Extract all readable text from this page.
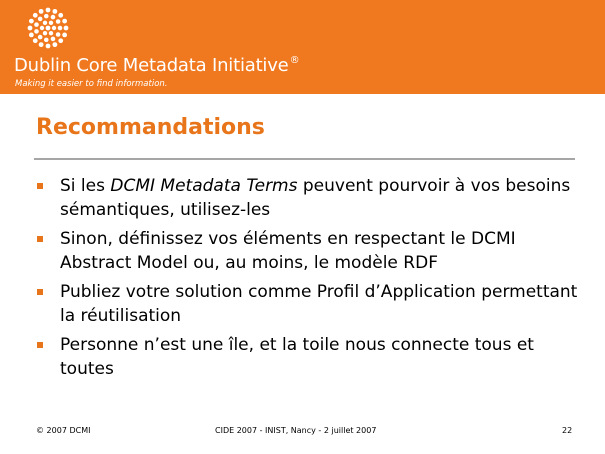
Dublin Core Metadata Initiative®
Making it easier to find information.
Recommandations
Si les DCMI Metadata Terms peuvent pourvoir à vos besoins sémantiques, utilisez-les
Sinon, définissez vos éléments en respectant le DCMI Abstract Model ou, au moins, le modèle RDF
Publiez votre solution comme Profil d’Application permettant la réutilisation
Personne n’est une île, et la toile nous connecte tous et toutes
© 2007 DCMI	CIDE 2007 - INIST, Nancy - 2 juillet 2007	22
